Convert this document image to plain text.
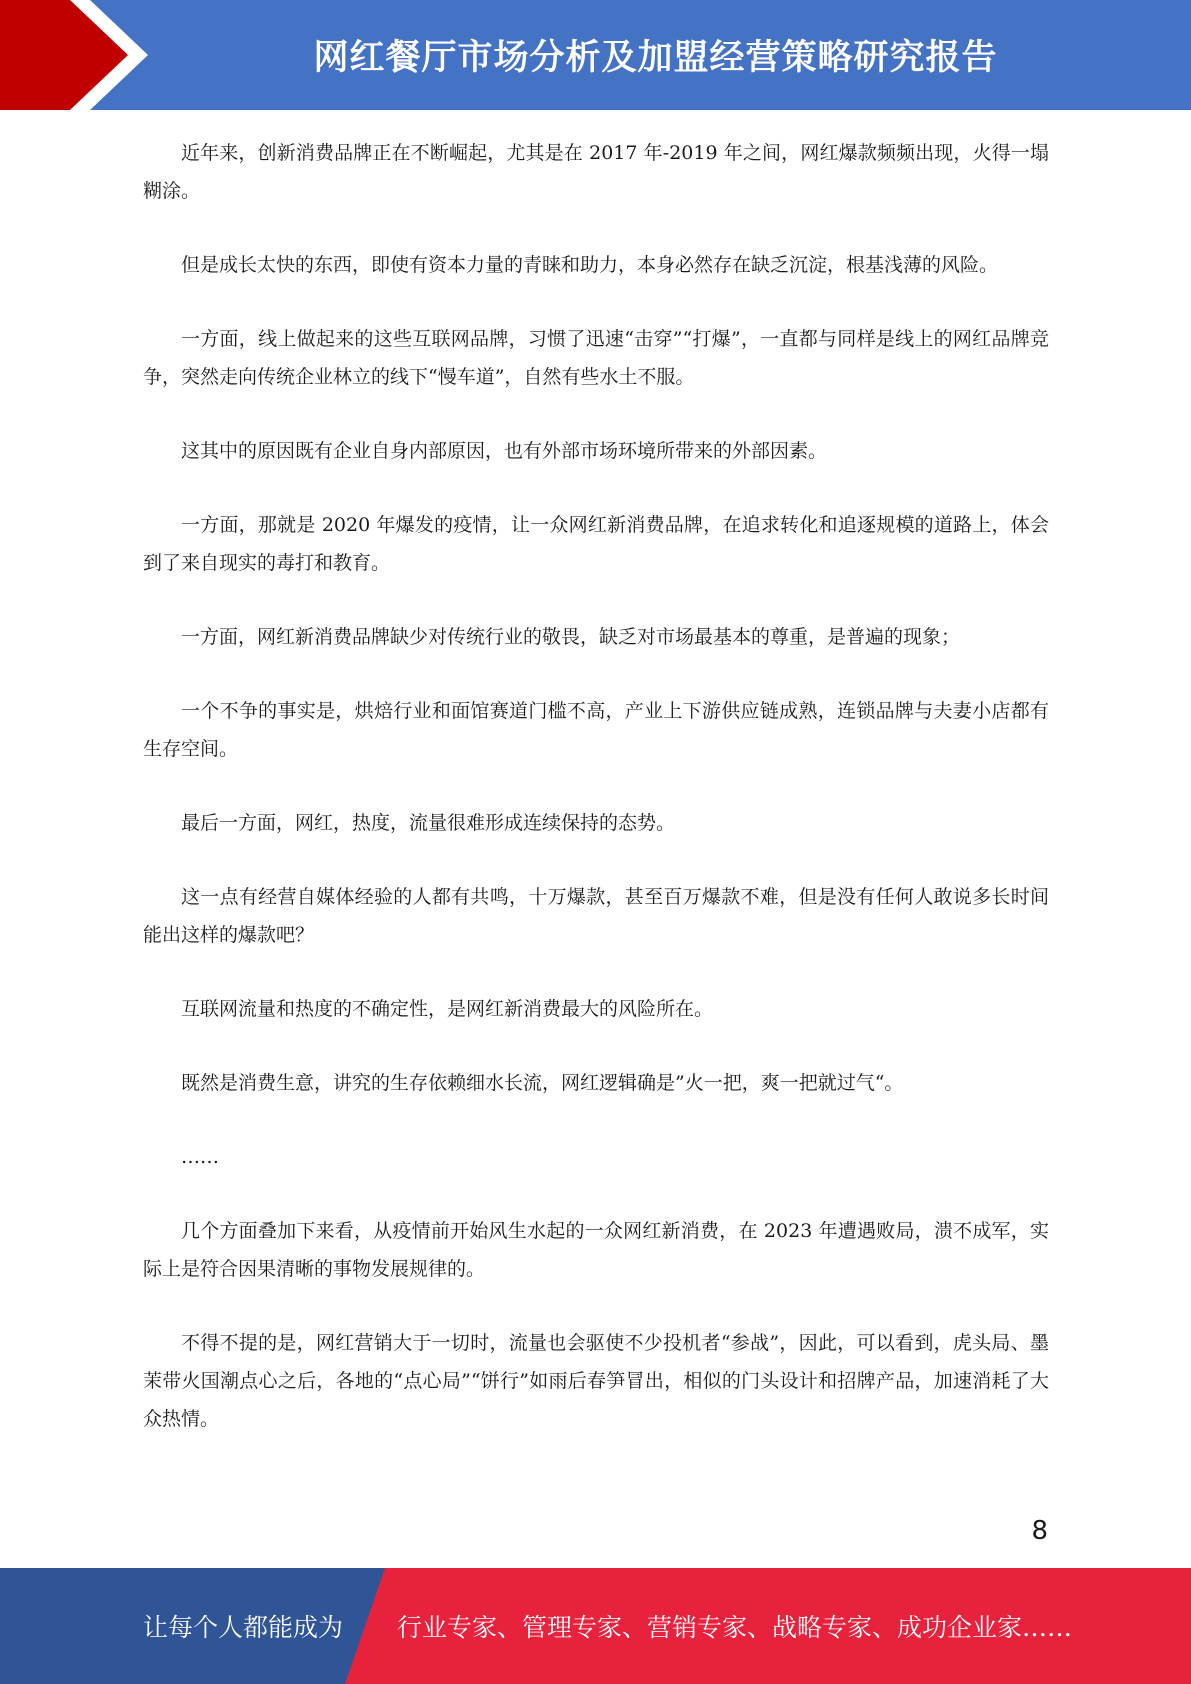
网红餐厅市场分析及加盟经营策略研究报告

近年来，创新消费品牌正在不断崛起，尤其是在 2017 年-2019 年之间，网红爆款频频出现，火得一塌糊涂。

但是成长太快的东西，即使有资本力量的青睐和助力，本身必然存在缺乏沉淀，根基浅薄的风险。

一方面，线上做起来的这些互联网品牌，习惯了迅速“击穿”“打爆”，一直都与同样是线上的网红品牌竞争，突然走向传统企业林立的线下“慢车道”，自然有些水土不服。

这其中的原因既有企业自身内部原因，也有外部市场环境所带来的外部因素。

一方面，那就是 2020 年爆发的疫情，让一众网红新消费品牌，在追求转化和追逐规模的道路上，体会到了来自现实的毒打和教育。

一方面，网红新消费品牌缺少对传统行业的敬畏，缺乏对市场最基本的尊重，是普遍的现象；

一个不争的事实是，烘焙行业和面馆赛道门槛不高，产业上下游供应链成熟，连锁品牌与夫妻小店都有生存空间。

最后一方面，网红，热度，流量很难形成连续保持的态势。

这一点有经营自媒体经验的人都有共鸣，十万爆款，甚至百万爆款不难，但是没有任何人敢说多长时间能出这样的爆款吧？

互联网流量和热度的不确定性，是网红新消费最大的风险所在。

既然是消费生意，讲究的生存依赖细水长流，网红逻辑确是”火一把，爽一把就过气“。

……

几个方面叠加下来看，从疫情前开始风生水起的一众网红新消费，在 2023 年遭遇败局，溃不成军，实际上是符合因果清晰的事物发展规律的。

不得不提的是，网红营销大于一切时，流量也会驱使不少投机者“参战”，因此，可以看到，虎头局、墨茉带火国潮点心之后，各地的“点心局”“饼行”如雨后春笋冒出，相似的门头设计和招牌产品，加速消耗了大众热情。

8
让每个人都能成为 行业专家、管理专家、营销专家、战略专家、成功企业家……
